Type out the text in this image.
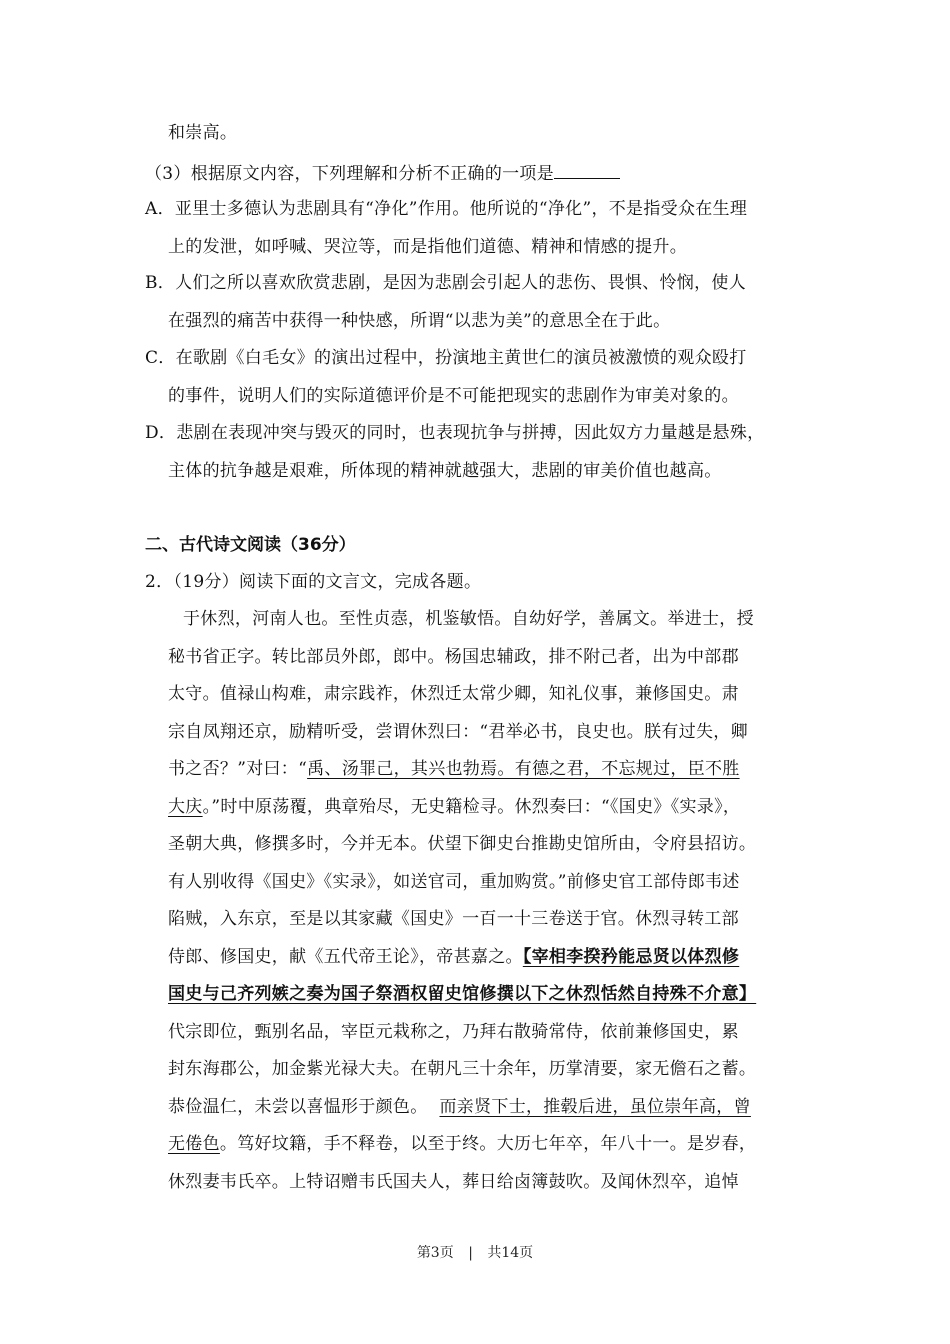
和崇高。
（3）根据原文内容，下列理解和分析不正确的一项是
A．亚里士多德认为悲剧具有“净化”作用。他所说的“净化”，不是指受众在生理
上的发泄，如呼喊、哭泣等，而是指他们道德、精神和情感的提升。
B．人们之所以喜欢欣赏悲剧，是因为悲剧会引起人的悲伤、畏惧、怜悯，使人
在强烈的痛苦中获得一种快感，所谓“以悲为美”的意思全在于此。
C．在歌剧《白毛女》的演出过程中，扮演地主黄世仁的演员被激愤的观众殴打
的事件，说明人们的实际道德评价是不可能把现实的悲剧作为审美对象的。
D．悲剧在表现冲突与毁灭的同时，也表现抗争与拼搏，因此奴方力量越是悬殊，
主体的抗争越是艰难，所体现的精神就越强大，悲剧的审美价值也越高。
二、古代诗文阅读（36分）
2．（19分）阅读下面的文言文，完成各题。
于休烈，河南人也。至性贞悫，机鉴敏悟。自幼好学，善属文。举进士，授
秘书省正字。转比部员外郎，郎中。杨国忠辅政，排不附己者，出为中部郡
太守。值禄山构难，肃宗践祚，休烈迁太常少卿，知礼仪事，兼修国史。肃
宗自凤翔还京，励精听受，尝谓休烈曰：“君举必书，良史也。朕有过失，卿
书之否？”对曰：“禹、汤罪己，其兴也勃焉。有德之君，不忘规过，臣不胜
大庆。”时中原荡覆，典章殆尽，无史籍检寻。休烈奏曰：“《国史》《实录》，
圣朝大典，修撰多时，今并无本。伏望下御史台推勘史馆所由，令府县招访。
有人别收得《国史》《实录》，如送官司，重加购赏。”前修史官工部侍郎韦述
陷贼，入东京，至是以其家藏《国史》一百一十三卷送于官。休烈寻转工部
侍郎、修国史，献《五代帝王论》，帝甚嘉之。【宰相李揆矜能忌贤以体烈修
国史与己齐列嫉之奏为国子祭酒权留史馆修撰以下之休烈恬然自持殊不介意】
代宗即位，甄别名品，宰臣元栽称之，乃拜右散骑常侍，依前兼修国史，累
封东海郡公，加金紫光禄大夫。在朝凡三十余年，历掌清要，家无儋石之蓄。
恭俭温仁，未尝以喜愠形于颜色。 而亲贤下士，推毂后进，虽位崇年高，曾
无倦色。笃好坟籍，手不释卷，以至于终。大历七年卒，年八十一。是岁春，
休烈妻韦氏卒。上特诏赠韦氏国夫人，葬日给卤簿鼓吹。及闻休烈卒，追悼
第3页 | 共14页
